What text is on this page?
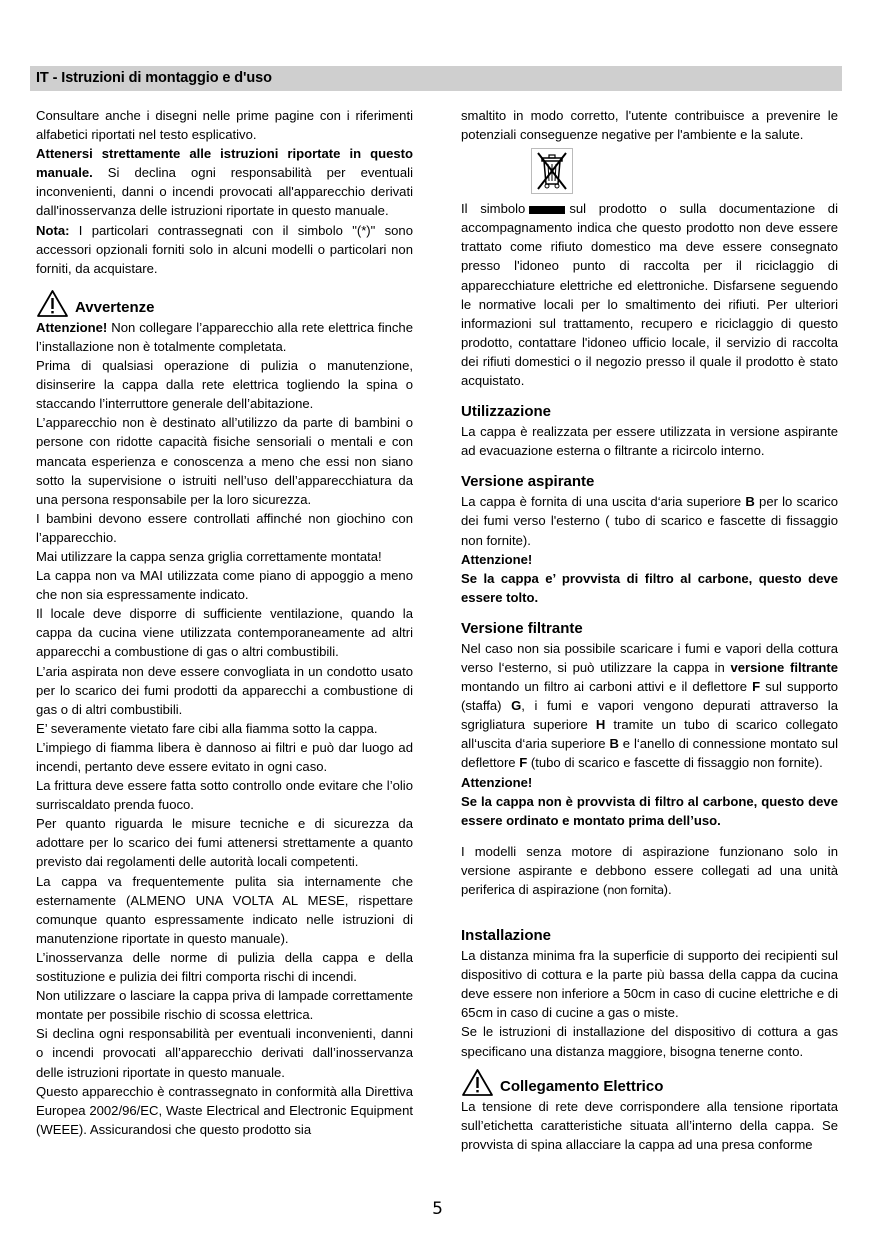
IT - Istruzioni di montaggio e d'uso

Consultare anche i disegni nelle prime pagine con i riferimenti alfabetici riportati nel testo esplicativo.

Attenersi strettamente alle istruzioni riportate in questo manuale. Si declina ogni responsabilità per eventuali inconvenienti, danni o incendi provocati all'apparecchio derivati dall'inosservanza delle istruzioni riportate in questo manuale.

Nota: I particolari contrassegnati con il simbolo "(*)" sono accessori opzionali forniti solo in alcuni modelli o particolari non forniti, da acquistare.

Avvertenze

Attenzione! Non collegare l’apparecchio alla rete elettrica finche l’installazione non è totalmente completata.

Prima di qualsiasi operazione di pulizia o manutenzione, disinserire la cappa dalla rete elettrica togliendo la spina o staccando l’interruttore generale dell’abitazione.

L’apparecchio non è destinato all’utilizzo da parte di bambini o persone con ridotte capacità fisiche sensoriali o mentali e con mancata esperienza e conoscenza a meno che essi non siano sotto la supervisione o istruiti nell’uso dell’apparecchiatura da una persona responsabile per la loro sicurezza.

I bambini devono essere controllati affinché non giochino con l’apparecchio.

Mai utilizzare la cappa senza griglia correttamente montata!

La cappa non va MAI utilizzata come piano di appoggio a meno che non sia espressamente indicato.

Il locale deve disporre di sufficiente ventilazione, quando la cappa da cucina viene utilizzata contemporaneamente ad altri apparecchi a combustione di gas o altri combustibili.

L’aria aspirata non deve essere convogliata in un condotto usato per lo scarico dei fumi prodotti da apparecchi a combustione di gas o di altri combustibili.

E’ severamente vietato fare cibi alla fiamma sotto la cappa.

L’impiego di fiamma libera è dannoso ai filtri e può dar luogo ad incendi, pertanto deve essere evitato in ogni caso.

La frittura deve essere fatta sotto controllo onde evitare che l’olio surriscaldato prenda fuoco.

Per quanto riguarda le misure tecniche e di sicurezza da adottare per lo scarico dei fumi attenersi strettamente a quanto previsto dai regolamenti delle autorità locali competenti.

La cappa va frequentemente pulita sia internamente che esternamente (ALMENO UNA VOLTA AL MESE, rispettare comunque quanto espressamente indicato nelle istruzioni di manutenzione riportate in questo manuale).

L’inosservanza delle norme di pulizia della cappa e della sostituzione e pulizia dei filtri comporta rischi di incendi.

Non utilizzare o lasciare la cappa priva di lampade correttamente montate per possibile rischio di scossa elettrica.

Si declina ogni responsabilità per eventuali inconvenienti, danni o incendi provocati all’apparecchio derivati dall’inosservanza delle istruzioni riportate in questo manuale.

Questo apparecchio è contrassegnato in conformità alla Direttiva Europea 2002/96/EC, Waste Electrical and Electronic Equipment (WEEE). Assicurandosi che questo prodotto sia

smaltito in modo corretto, l'utente contribuisce a prevenire le potenziali conseguenze negative per l'ambiente e la salute.

Il simbolo	sul prodotto o sulla documentazione di accompagnamento indica che questo prodotto non deve essere trattato come rifiuto domestico ma deve essere consegnato presso l'idoneo punto di raccolta per il riciclaggio di apparecchiature elettriche ed elettroniche. Disfarsene seguendo le normative locali per lo smaltimento dei rifiuti. Per ulteriori informazioni sul trattamento, recupero e riciclaggio di questo prodotto, contattare l'idoneo ufficio locale, il servizio di raccolta dei rifiuti domestici o il negozio presso il quale il prodotto è stato acquistato.

Utilizzazione

La cappa è realizzata per essere utilizzata in versione aspirante ad evacuazione esterna o filtrante a ricircolo interno.

Versione aspirante

La cappa è fornita di una uscita d‘aria superiore B per lo scarico dei fumi verso l'esterno ( tubo di scarico e fascette di fissaggio non fornite).

Attenzione!

Se la cappa e’ provvista di filtro al carbone, questo deve essere tolto.

Versione filtrante

Nel caso non sia possibile scaricare i fumi e vapori della cottura verso l‘esterno, si può utilizzare la cappa in versione filtrante montando un filtro ai carboni attivi e il deflettore F sul supporto (staffa) G, i fumi e vapori vengono depurati attraverso la sgrigliatura superiore H tramite un tubo di scarico collegato all‘uscita d‘aria superiore B e l‘anello di connessione montato sul deflettore F (tubo di scarico e fascette di fissaggio non fornite).

Attenzione!

Se la cappa non è provvista di filtro al carbone, questo deve essere ordinato e montato prima dell’uso.

I modelli senza motore di aspirazione funzionano solo in versione aspirante e debbono essere collegati ad una unità periferica di aspirazione (non fornita).

Installazione

La distanza minima fra la superficie di supporto dei recipienti sul dispositivo di cottura e la parte più bassa della cappa da cucina deve essere non inferiore a 50cm in caso di cucine elettriche e di 65cm in caso di cucine a gas o miste.

Se le istruzioni di installazione del dispositivo di cottura a gas specificano una distanza maggiore, bisogna tenerne conto.

Collegamento Elettrico

La tensione di rete deve corrispondere alla tensione riportata sull’etichetta caratteristiche situata all’interno della cappa. Se provvista di spina allacciare la cappa ad una presa conforme

5
